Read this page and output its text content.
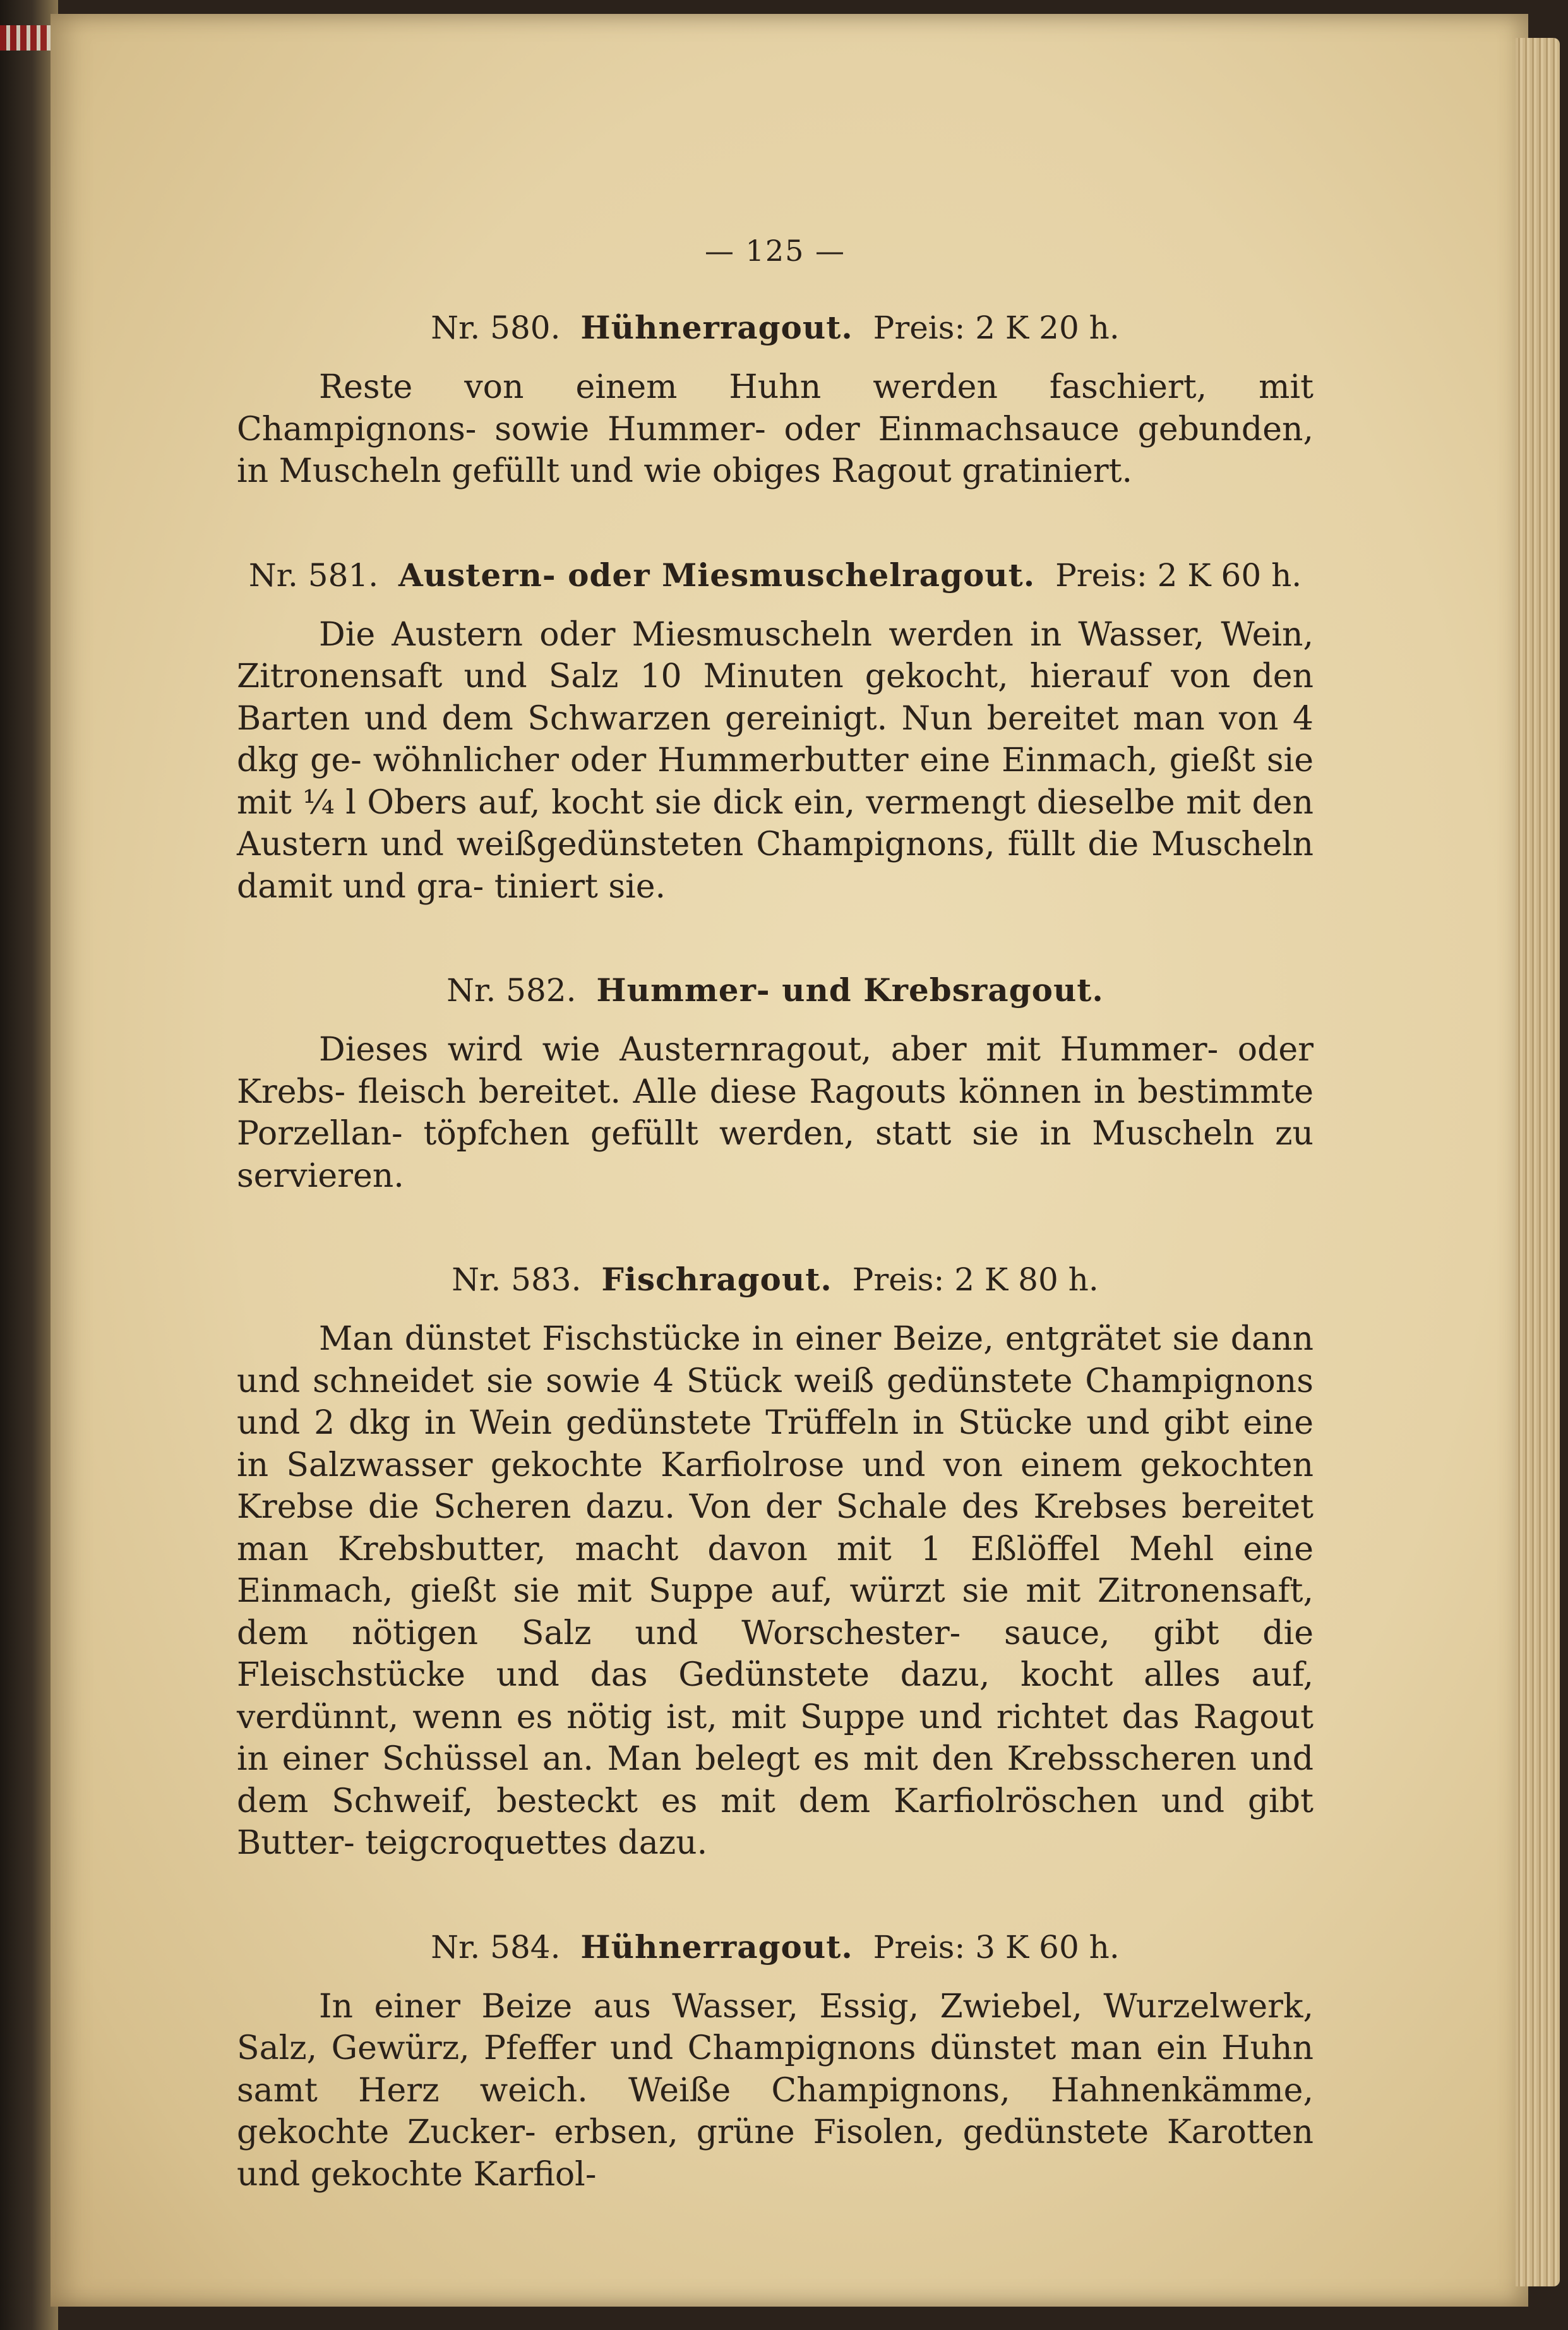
— 125 —
Nr. 580. Hühnerragout. Preis: 2 K 20 h.

Reste von einem Huhn werden faschiert, mit Champignons- sowie Hummer- oder Einmachsauce gebunden, in Muscheln gefüllt und wie obiges Ragout gratiniert.

Nr. 581. Austern- oder Miesmuschelragout. Preis: 2 K 60 h.

Die Austern oder Miesmuscheln werden in Wasser, Wein, Zitronensaft und Salz 10 Minuten gekocht, hierauf von den Barten und dem Schwarzen gereinigt. Nun bereitet man von 4 dkg ge- wöhnlicher oder Hummerbutter eine Einmach, gießt sie mit ¼ l Obers auf, kocht sie dick ein, vermengt dieselbe mit den Austern und weißgedünsteten Champignons, füllt die Muscheln damit und gra- tiniert sie.

Nr. 582. Hummer- und Krebsragout.

Dieses wird wie Austernragout, aber mit Hummer- oder Krebs- fleisch bereitet. Alle diese Ragouts können in bestimmte Porzellan- töpfchen gefüllt werden, statt sie in Muscheln zu servieren.

Nr. 583. Fischragout. Preis: 2 K 80 h.

Man dünstet Fischstücke in einer Beize, entgrätet sie dann und schneidet sie sowie 4 Stück weiß gedünstete Champignons und 2 dkg in Wein gedünstete Trüffeln in Stücke und gibt eine in Salzwasser gekochte Karfiolrose und von einem gekochten Krebse die Scheren dazu. Von der Schale des Krebses bereitet man Krebsbutter, macht davon mit 1 Eßlöffel Mehl eine Einmach, gießt sie mit Suppe auf, würzt sie mit Zitronensaft, dem nötigen Salz und Worschester- sauce, gibt die Fleischstücke und das Gedünstete dazu, kocht alles auf, verdünnt, wenn es nötig ist, mit Suppe und richtet das Ragout in einer Schüssel an. Man belegt es mit den Krebsscheren und dem Schweif, besteckt es mit dem Karfiolröschen und gibt Butter- teigcroquettes dazu.

Nr. 584. Hühnerragout. Preis: 3 K 60 h.

In einer Beize aus Wasser, Essig, Zwiebel, Wurzelwerk, Salz, Gewürz, Pfeffer und Champignons dünstet man ein Huhn samt Herz weich. Weiße Champignons, Hahnenkämme, gekochte Zucker- erbsen, grüne Fisolen, gedünstete Karotten und gekochte Karfiol-
